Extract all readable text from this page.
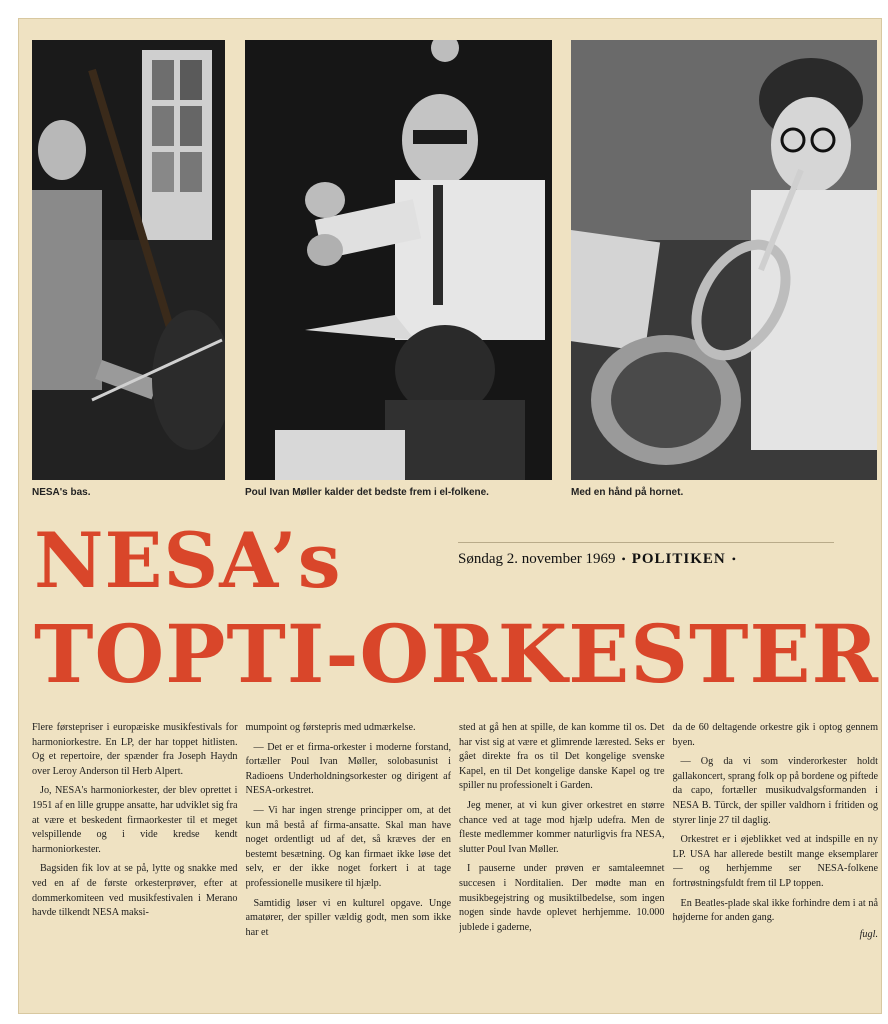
NESA's bas.	Poul Ivan Møller kalder det bedste frem i el-folkene.	Med en hånd på hornet.
NESA’s
TOPTI-ORKESTER
Søndag 2. november 1969 • POLITIKEN •

Flere førstepriser i europæiske musikfestivals for harmoniorkestre. En LP, der har toppet hitlisten. Og et repertoire, der spænder fra Joseph Haydn over Leroy Anderson til Herb Alpert.

Jo, NESA's harmoniorkester, der blev oprettet i 1951 af en lille gruppe ansatte, har udviklet sig fra at være et beskedent firmaorkester til et meget velspillende og i vide kredse kendt harmoniorkester.

Bagsiden fik lov at se på, lytte og snakke med ved en af de første orkesterprøver, efter at dommerkomiteen ved musikfestivalen i Merano havde tilkendt NESA maksi-

mumpoint og førstepris med udmærkelse.

— Det er et firma-orkester i moderne forstand, fortæller Poul Ivan Møller, solobasunist i Radioens Underholdningsorkester og dirigent af NESA-orkestret.

— Vi har ingen strenge principper om, at det kun må bestå af firma-ansatte. Skal man have noget ordentligt ud af det, så kræves der en bestemt besætning. Og kan firmaet ikke løse det selv, er der ikke noget forkert i at tage professionelle musikere til hjælp.

Samtidig løser vi en kulturel opgave. Unge amatører, der spiller vældig godt, men som ikke har et

sted at gå hen at spille, de kan komme til os. Det har vist sig at være et glimrende lærested. Seks er gået direkte fra os til Det kongelige svenske Kapel, en til Det kongelige danske Kapel og tre spiller nu professionelt i Garden.

Jeg mener, at vi kun giver orkestret en større chance ved at tage mod hjælp udefra. Men de fleste medlemmer kommer naturligvis fra NESA, slutter Poul Ivan Møller.

I pauserne under prøven er samtaleemnet succesen i Norditalien. Der mødte man en musikbegejstring og musiktilbedelse, som ingen nogen sinde havde oplevet herhjemme. 10.000 jublede i gaderne,

da de 60 deltagende orkestre gik i optog gennem byen.

— Og da vi som vinderorkester holdt gallakoncert, sprang folk op på bordene og piftede da capo, fortæller musikudvalgsformanden i NESA B. Türck, der spiller valdhorn i fritiden og styrer linje 27 til daglig.

Orkestret er i øjeblikket ved at indspille en ny LP. USA har allerede bestilt mange eksemplarer — og herhjemme ser NESA-folkene fortrøstningsfuldt frem til LP toppen.

En Beatles-plade skal ikke forhindre dem i at nå højderne for anden gang.

fugl.
